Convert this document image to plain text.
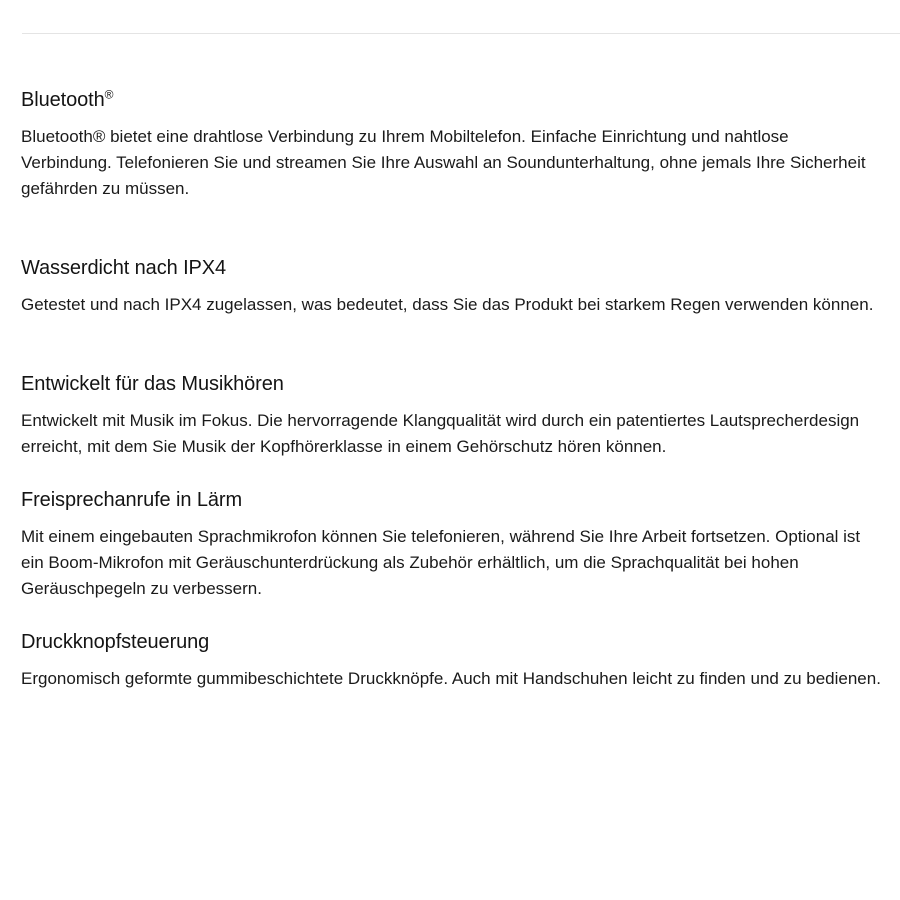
Bluetooth®

Bluetooth® bietet eine drahtlose Verbindung zu Ihrem Mobiltelefon. Einfache Einrichtung und nahtlose Verbindung. Telefonieren Sie und streamen Sie Ihre Auswahl an Soundunterhaltung, ohne jemals Ihre Sicherheit gefährden zu müssen.

Wasserdicht nach IPX4

Getestet und nach IPX4 zugelassen, was bedeutet, dass Sie das Produkt bei starkem Regen verwenden können.

Entwickelt für das Musikhören

Entwickelt mit Musik im Fokus. Die hervorragende Klangqualität wird durch ein patentiertes Lautsprecherdesign erreicht, mit dem Sie Musik der Kopfhörerklasse in einem Gehörschutz hören können.

Freisprechanrufe in Lärm

Mit einem eingebauten Sprachmikrofon können Sie telefonieren, während Sie Ihre Arbeit fortsetzen. Optional ist ein Boom-Mikrofon mit Geräuschunterdrückung als Zubehör erhältlich, um die Sprachqualität bei hohen Geräuschpegeln zu verbessern.

Druckknopfsteuerung

Ergonomisch geformte gummibeschichtete Druckknöpfe. Auch mit Handschuhen leicht zu finden und zu bedienen.
